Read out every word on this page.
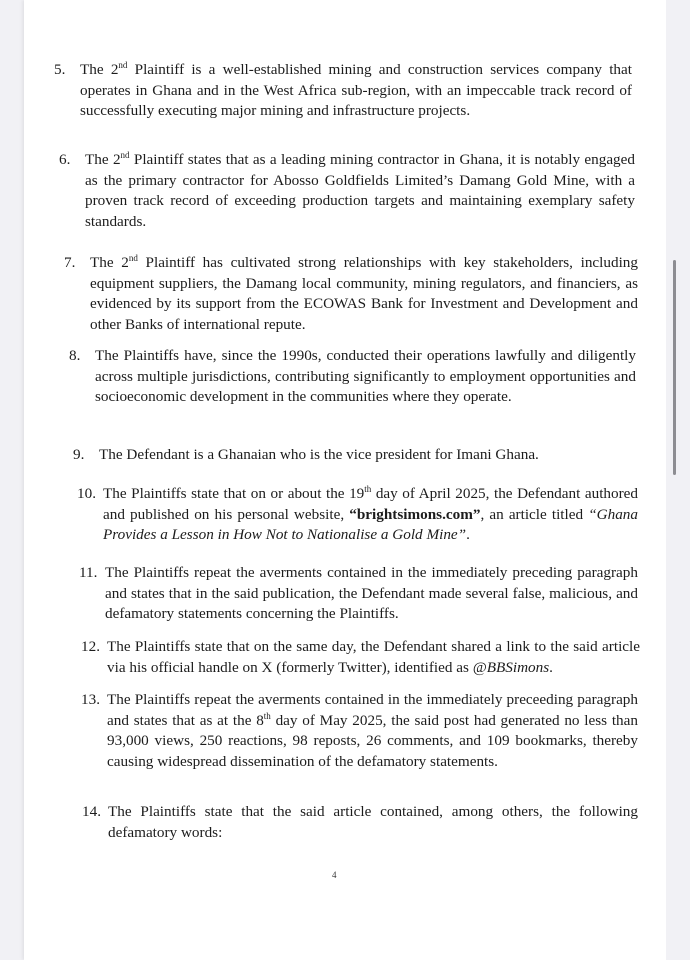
5. The 2nd Plaintiff is a well-established mining and construction services company that operates in Ghana and in the West Africa sub-region, with an impeccable track record of successfully executing major mining and infrastructure projects.
6. The 2nd Plaintiff states that as a leading mining contractor in Ghana, it is notably engaged as the primary contractor for Abosso Goldfields Limited’s Damang Gold Mine, with a proven track record of exceeding production targets and maintaining exemplary safety standards.
7. The 2nd Plaintiff has cultivated strong relationships with key stakeholders, including equipment suppliers, the Damang local community, mining regulators, and financiers, as evidenced by its support from the ECOWAS Bank for Investment and Development and other Banks of international repute.
8. The Plaintiffs have, since the 1990s, conducted their operations lawfully and diligently across multiple jurisdictions, contributing significantly to employment opportunities and socioeconomic development in the communities where they operate.
9. The Defendant is a Ghanaian who is the vice president for Imani Ghana.
10. The Plaintiffs state that on or about the 19th day of April 2025, the Defendant authored and published on his personal website, “brightsimons.com”, an article titled “Ghana Provides a Lesson in How Not to Nationalise a Gold Mine”.
11. The Plaintiffs repeat the averments contained in the immediately preceding paragraph and states that in the said publication, the Defendant made several false, malicious, and defamatory statements concerning the Plaintiffs.
12. The Plaintiffs state that on the same day, the Defendant shared a link to the said article via his official handle on X (formerly Twitter), identified as @BBSimons.
13. The Plaintiffs repeat the averments contained in the immediately preceeding paragraph and states that as at the 8th day of May 2025, the said post had generated no less than 93,000 views, 250 reactions, 98 reposts, 26 comments, and 109 bookmarks, thereby causing widespread dissemination of the defamatory statements.
14. The Plaintiffs state that the said article contained, among others, the following defamatory words:
4
